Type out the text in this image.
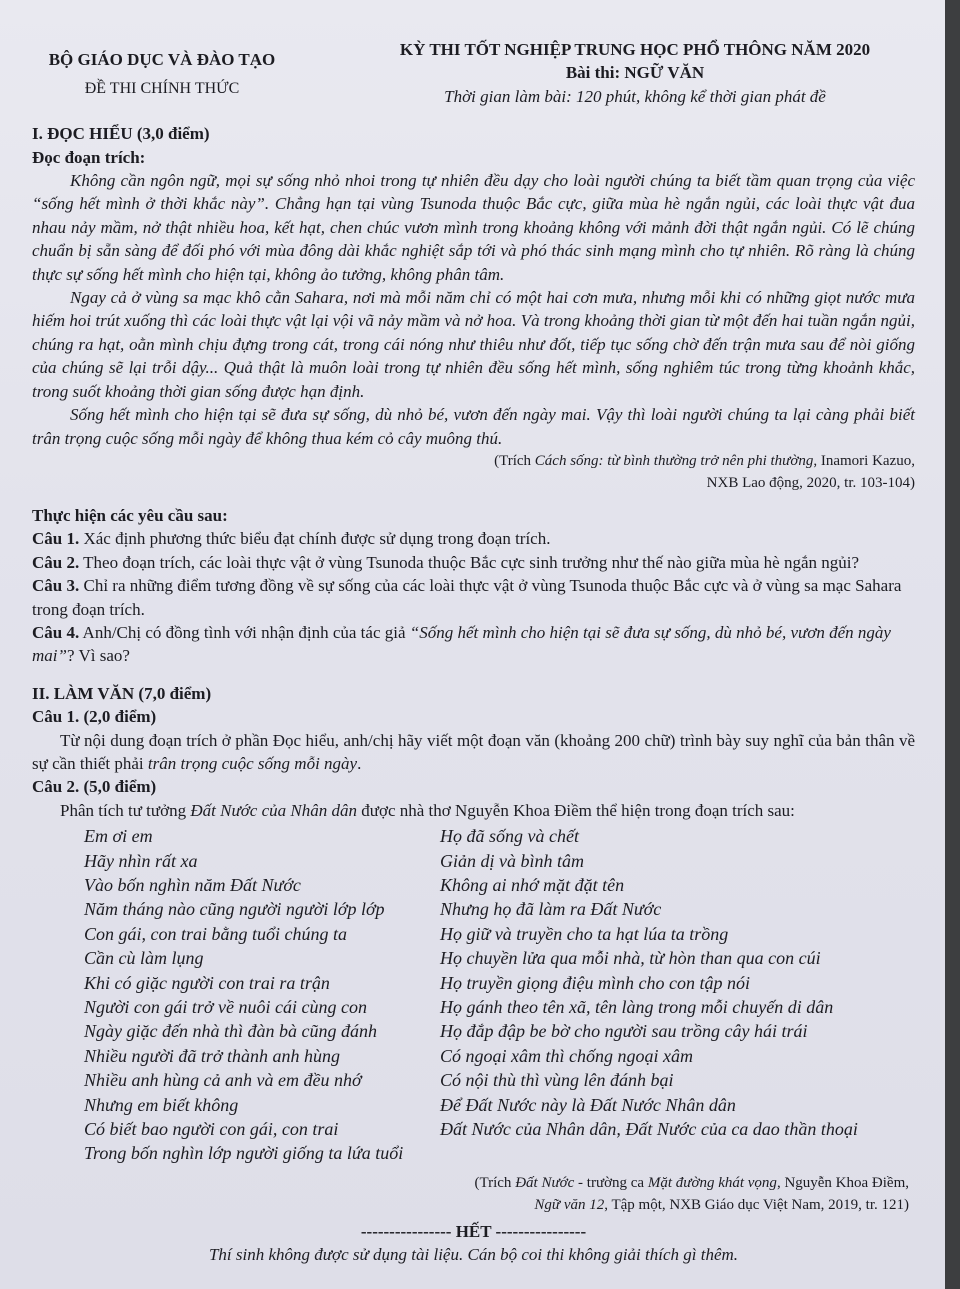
BỘ GIÁO DỤC VÀ ĐÀO TẠO
ĐỀ THI CHÍNH THỨC
KỲ THI TỐT NGHIỆP TRUNG HỌC PHỔ THÔNG NĂM 2020
Bài thi: NGỮ VĂN
Thời gian làm bài: 120 phút, không kể thời gian phát đề
I. ĐỌC HIỂU (3,0 điểm)
Đọc đoạn trích:

Không cần ngôn ngữ, mọi sự sống nhỏ nhoi trong tự nhiên đều dạy cho loài người chúng ta biết tầm quan trọng của việc “sống hết mình ở thời khắc này”. Chẳng hạn tại vùng Tsunoda thuộc Bắc cực, giữa mùa hè ngắn ngủi, các loài thực vật đua nhau nảy mầm, nở thật nhiều hoa, kết hạt, chen chúc vươn mình trong khoảng không với mảnh đời thật ngắn ngủi. Có lẽ chúng chuẩn bị sẵn sàng để đối phó với mùa đông dài khắc nghiệt sắp tới và phó thác sinh mạng mình cho tự nhiên. Rõ ràng là chúng thực sự sống hết mình cho hiện tại, không ảo tưởng, không phân tâm.

Ngay cả ở vùng sa mạc khô cằn Sahara, nơi mà mỗi năm chỉ có một hai cơn mưa, nhưng mỗi khi có những giọt nước mưa hiếm hoi trút xuống thì các loài thực vật lại vội vã nảy mầm và nở hoa. Và trong khoảng thời gian từ một đến hai tuần ngắn ngủi, chúng ra hạt, oằn mình chịu đựng trong cát, trong cái nóng như thiêu như đốt, tiếp tục sống chờ đến trận mưa sau để nòi giống của chúng sẽ lại trỗi dậy... Quả thật là muôn loài trong tự nhiên đều sống hết mình, sống nghiêm túc trong từng khoảnh khắc, trong suốt khoảng thời gian sống được hạn định.

Sống hết mình cho hiện tại sẽ đưa sự sống, dù nhỏ bé, vươn đến ngày mai. Vậy thì loài người chúng ta lại càng phải biết trân trọng cuộc sống mỗi ngày để không thua kém cỏ cây muông thú.

(Trích Cách sống: từ bình thường trở nên phi thường, Inamori Kazuo,
NXB Lao động, 2020, tr. 103-104)
Thực hiện các yêu cầu sau:

Câu 1. Xác định phương thức biểu đạt chính được sử dụng trong đoạn trích.

Câu 2. Theo đoạn trích, các loài thực vật ở vùng Tsunoda thuộc Bắc cực sinh trưởng như thế nào giữa mùa hè ngắn ngủi?

Câu 3. Chỉ ra những điểm tương đồng về sự sống của các loài thực vật ở vùng Tsunoda thuộc Bắc cực và ở vùng sa mạc Sahara trong đoạn trích.

Câu 4. Anh/Chị có đồng tình với nhận định của tác giả “Sống hết mình cho hiện tại sẽ đưa sự sống, dù nhỏ bé, vươn đến ngày mai”? Vì sao?

II. LÀM VĂN (7,0 điểm)
Câu 1. (2,0 điểm)

Từ nội dung đoạn trích ở phần Đọc hiểu, anh/chị hãy viết một đoạn văn (khoảng 200 chữ) trình bày suy nghĩ của bản thân về sự cần thiết phải trân trọng cuộc sống mỗi ngày.

Câu 2. (5,0 điểm)

Phân tích tư tưởng Đất Nước của Nhân dân được nhà thơ Nguyễn Khoa Điềm thể hiện trong đoạn trích sau:

Em ơi em
Hãy nhìn rất xa
Vào bốn nghìn năm Đất Nước
Năm tháng nào cũng người người lớp lớp
Con gái, con trai bằng tuổi chúng ta
Cần cù làm lụng
Khi có giặc người con trai ra trận
Người con gái trở về nuôi cái cùng con
Ngày giặc đến nhà thì đàn bà cũng đánh
Nhiều người đã trở thành anh hùng
Nhiều anh hùng cả anh và em đều nhớ
Nhưng em biết không
Có biết bao người con gái, con trai
Trong bốn nghìn lớp người giống ta lứa tuổi
Họ đã sống và chết
Giản dị và bình tâm
Không ai nhớ mặt đặt tên
Nhưng họ đã làm ra Đất Nước
Họ giữ và truyền cho ta hạt lúa ta trồng
Họ chuyền lửa qua mỗi nhà, từ hòn than qua con cúi
Họ truyền giọng điệu mình cho con tập nói
Họ gánh theo tên xã, tên làng trong mỗi chuyến di dân
Họ đắp đập be bờ cho người sau trồng cây hái trái
Có ngoại xâm thì chống ngoại xâm
Có nội thù thì vùng lên đánh bại
Để Đất Nước này là Đất Nước Nhân dân
Đất Nước của Nhân dân, Đất Nước của ca dao thần thoại
(Trích Đất Nước - trường ca Mặt đường khát vọng, Nguyễn Khoa Điềm,
Ngữ văn 12, Tập một, NXB Giáo dục Việt Nam, 2019, tr. 121)
---------------- HẾT ----------------
Thí sinh không được sử dụng tài liệu. Cán bộ coi thi không giải thích gì thêm.
